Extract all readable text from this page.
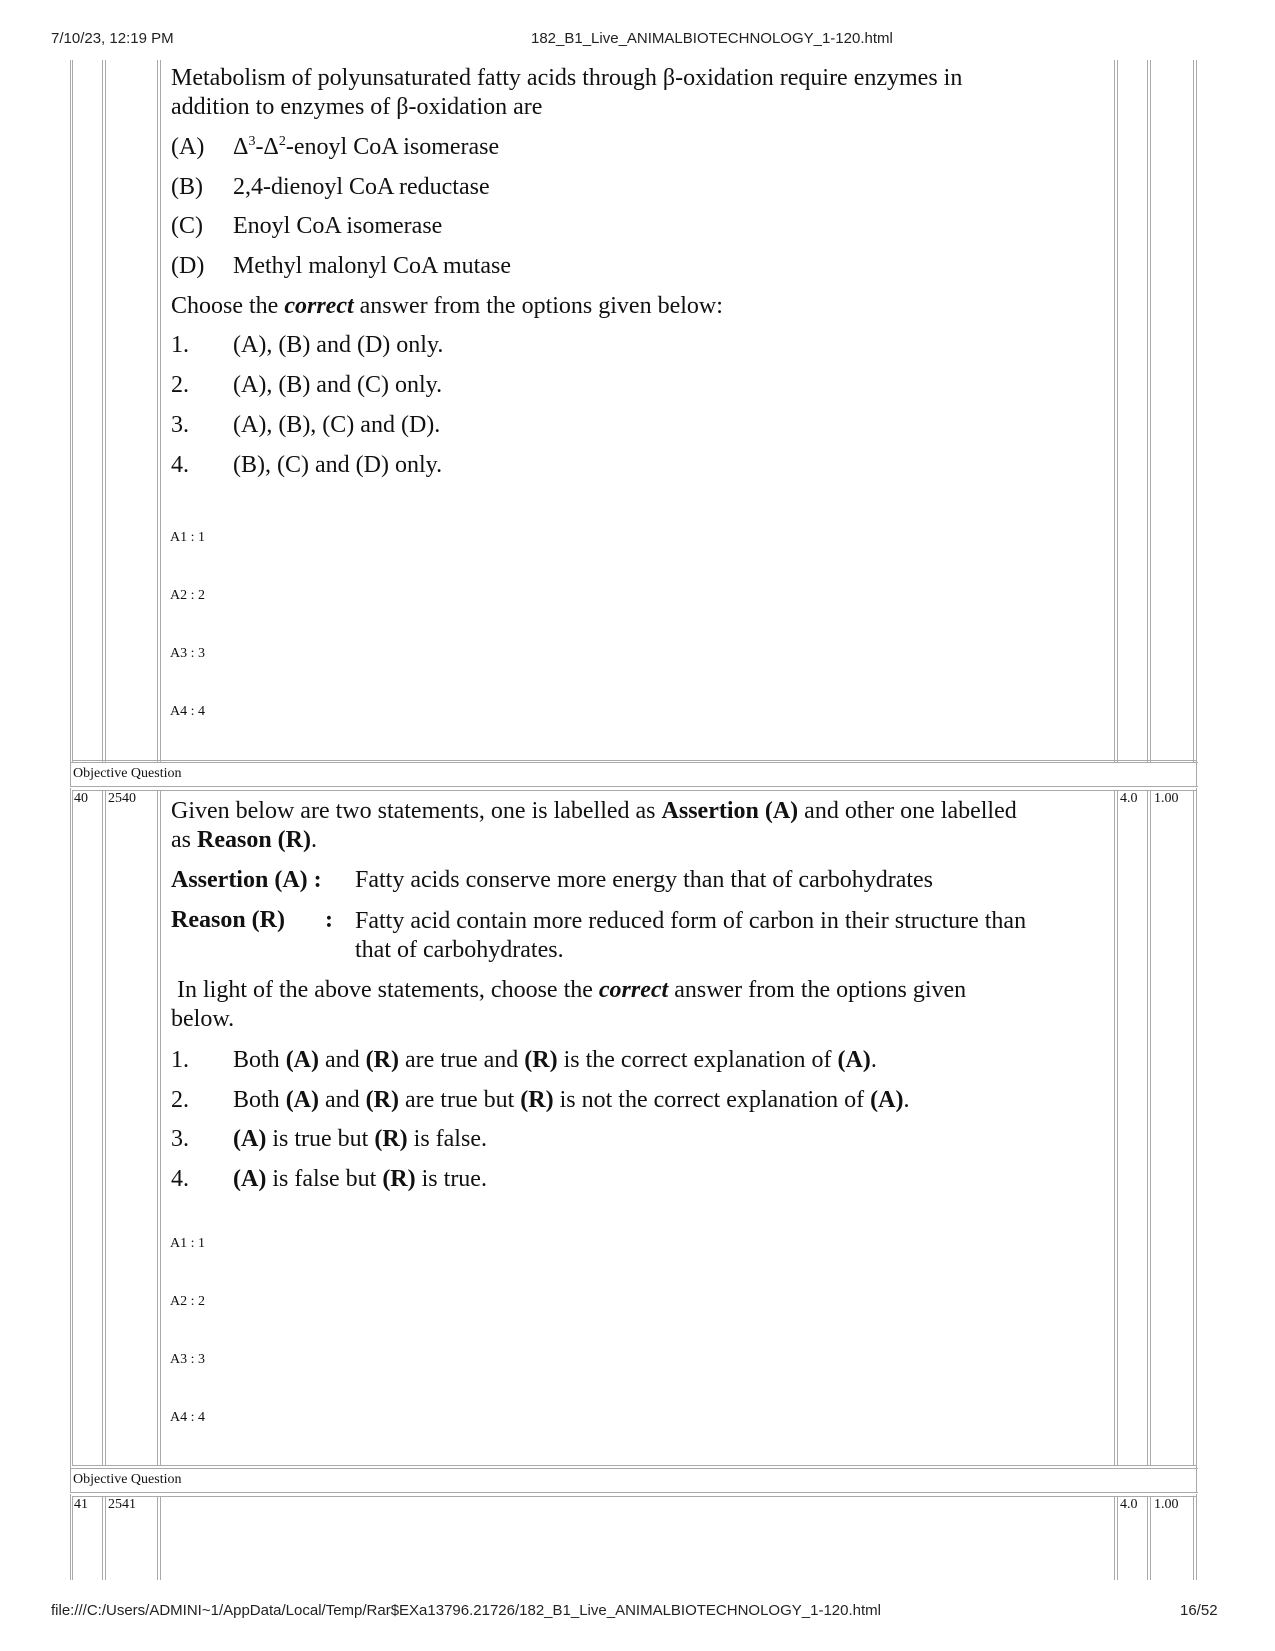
7/10/23, 12:19 PM	182_B1_Live_ANIMALBIOTECHNOLOGY_1-120.html
file:///C:/Users/ADMINI~1/AppData/Local/Temp/Rar$EXa13796.21726/182_B1_Live_ANIMALBIOTECHNOLOGY_1-120.html	16/52
Metabolism of polyunsaturated fatty acids through β-oxidation require enzymes in
addition to enzymes of β-oxidation are
(A)	$\Delta^3-\Delta^2$-enoyl CoA isomerase
(B)	2,4-dienoyl CoA reductase
(C)	Enoyl CoA isomerase
(D)	Methyl malonyl CoA mutase
Choose the correct answer from the options given below:
1.	(A), (B) and (D) only.
2.	(A), (B) and (C) only.
3.	(A), (B), (C) and (D).
4.	(B), (C) and (D) only.
A1 : 1
A2 : 2
A3 : 3
A4 : 4
Objective Question
40 2540	4.0 1.00
Given below are two statements, one is labelled as Assertion (A) and other one labelled
as Reason (R).
Assertion (A) :	Fatty acids conserve more energy than that of carbohydrates
Reason (R)	: Fatty acid contain more reduced form of carbon in their structure than
that of carbohydrates.
In light of the above statements, choose the correct answer from the options given
below.
1.	Both (A) and (R) are true and (R) is the correct explanation of (A).
2.	Both (A) and (R) are true but (R) is not the correct explanation of (A).
3.	(A) is true but (R) is false.
4.	(A) is false but (R) is true.
A1 : 1
A2 : 2
A3 : 3
A4 : 4
Objective Question
41 2541	4.0 1.00
